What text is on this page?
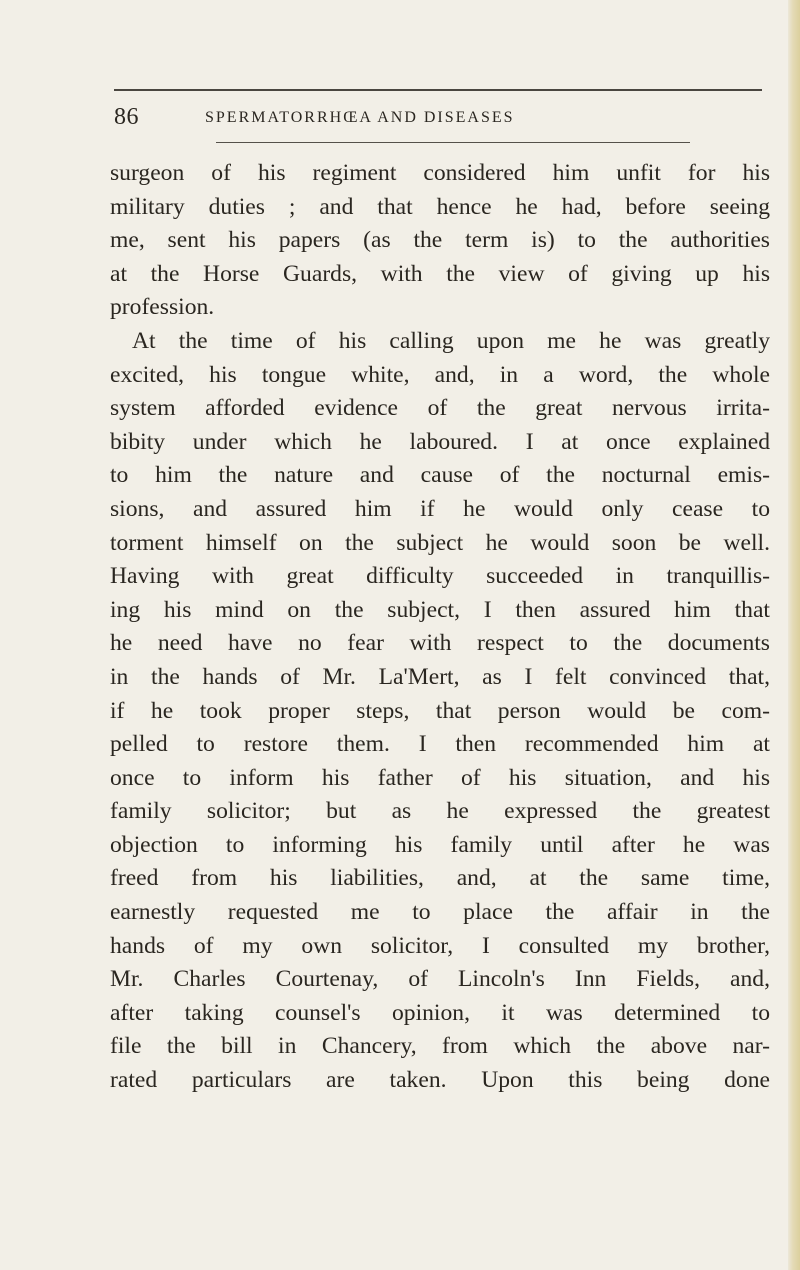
86	SPERMATORRHŒA AND DISEASES
surgeon of his regiment considered him unfit for his
military duties ; and that hence he had, before seeing
me, sent his papers (as the term is) to the authorities
at the Horse Guards, with the view of giving up his
profession.
At the time of his calling upon me he was greatly
excited, his tongue white, and, in a word, the whole
system afforded evidence of the great nervous irrita-
bibity under which he laboured. I at once explained
to him the nature and cause of the nocturnal emis-
sions, and assured him if he would only cease to
torment himself on the subject he would soon be well.
Having with great difficulty succeeded in tranquillis-
ing his mind on the subject, I then assured him that
he need have no fear with respect to the documents
in the hands of Mr. La'Mert, as I felt convinced that,
if he took proper steps, that person would be com-
pelled to restore them. I then recommended him at
once to inform his father of his situation, and his
family solicitor; but as he expressed the greatest
objection to informing his family until after he was
freed from his liabilities, and, at the same time,
earnestly requested me to place the affair in the
hands of my own solicitor, I consulted my brother,
Mr. Charles Courtenay, of Lincoln's Inn Fields, and,
after taking counsel's opinion, it was determined to
file the bill in Chancery, from which the above nar-
rated particulars are taken. Upon this being done
